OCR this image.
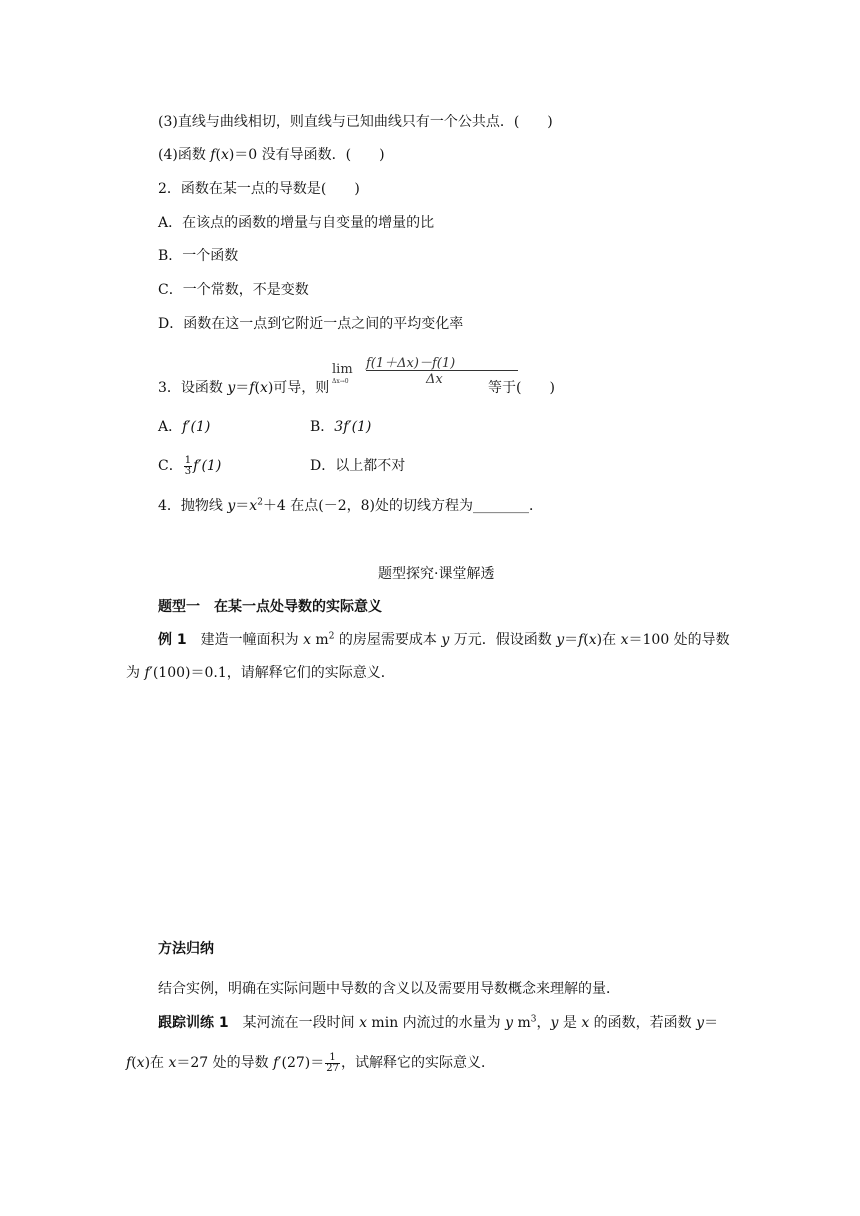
(3)直线与曲线相切，则直线与已知曲线只有一个公共点．(　　)
(4)函数 f(x)＝0 没有导函数．(　　)
2．函数在某一点的导数是(　　)
A．在该点的函数的增量与自变量的增量的比
B．一个函数
C．一个常数，不是变数
D．函数在这一点到它附近一点之间的平均变化率
3．设函数 y＝f(x)可导，则
lim
Δx→0
f(1＋Δx)－f(1)
Δx
等于(　　)
A．f′(1)	B．3f′(1)
C． $\frac{1}{3} f'(1)$	D．以上都不对
4．抛物线 $y=x^2+4$ 在点(－2，8)处的切线方程为________．
题型探究·课堂解透
题型一　在某一点处导数的实际意义
例 1　建造一幢面积为 x $m^2$ 的房屋需要成本 y 万元．假设函数 y＝f(x)在 x＝100 处的导数
为 f′(100)＝0.1，请解释它们的实际意义．
方法归纳
结合实例，明确在实际问题中导数的含义以及需要用导数概念来理解的量．
跟踪训练 1　某河流在一段时间 x min 内流过的水量为 y $m^3$，y 是 x 的函数，若函数 y＝
f(x)在 x＝27 处的导数 $f'(27)= \frac{1}{27}$ ，试解释它的实际意义．
